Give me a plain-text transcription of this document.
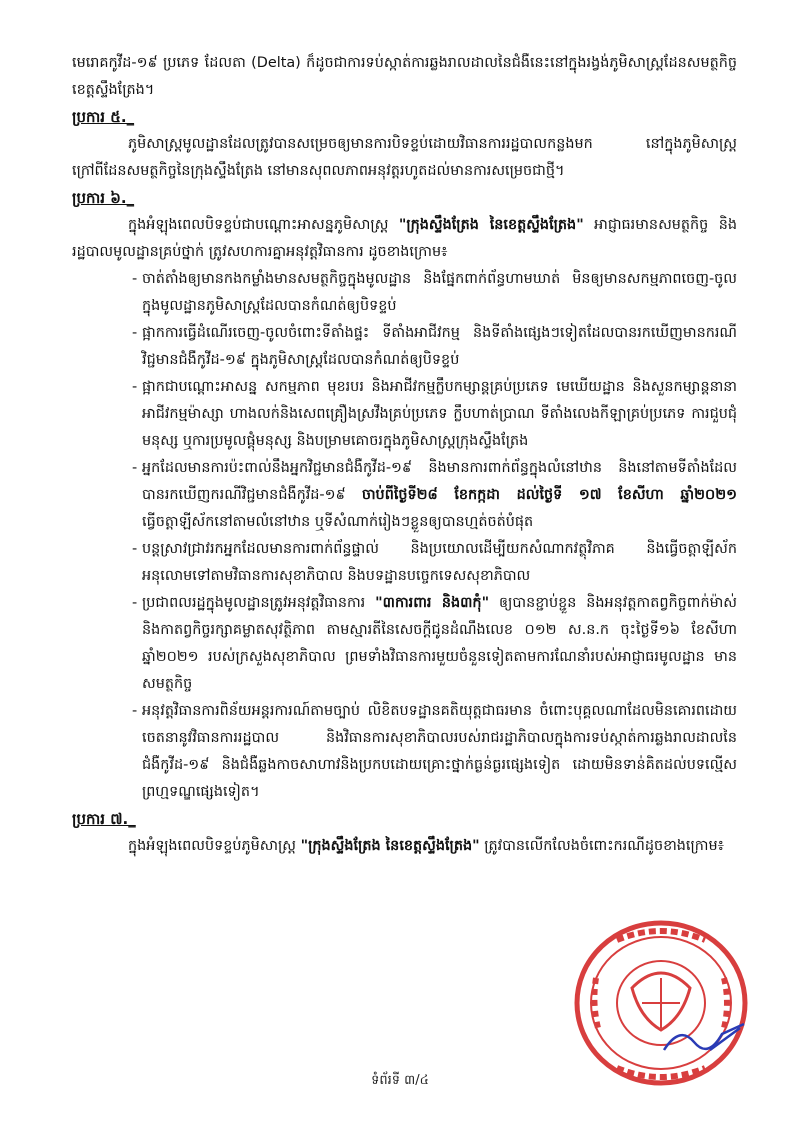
មេរោគកូវីដ-១៩ ប្រភេទ ដែលតា (Delta) ក៏ដូចជាការទប់ស្កាត់ការឆ្លងរាលដាលនៃជំងឺនេះនៅក្នុងរង្វង់ភូមិសាស្ត្រដែនសមត្ថកិច្ចខេត្តស្ទឹងត្រែង។

ប្រការ ៥._

ភូមិសាស្ត្រមូលដ្ឋានដែលត្រូវបានសម្រេចឲ្យមានការបិទខ្ទប់ដោយវិធានការរដ្ឋបាលកន្លងមក នៅក្នុងភូមិសាស្ត្រក្រៅពីដែនសមត្ថកិច្ចនៃក្រុងស្ទឹងត្រែង នៅមានសុពលភាពអនុវត្តរហូតដល់មានការសម្រេចជាថ្មី។

ប្រការ ៦._

ក្នុងអំឡុងពេលបិទខ្ទប់ជាបណ្ដោះអាសន្នភូមិសាស្ត្រ "ក្រុងស្ទឹងត្រែង នៃខេត្តស្ទឹងត្រែង" អាជ្ញាធរមានសមត្ថកិច្ច និងរដ្ឋបាលមូលដ្ឋានគ្រប់ថ្នាក់ ត្រូវសហការគ្នាអនុវត្តវិធានការ ដូចខាងក្រោម៖

- ចាត់តាំងឲ្យមានកងកម្លាំងមានសមត្ថកិច្ចក្នុងមូលដ្ឋាន និងផ្នែកពាក់ព័ន្ធហាមឃាត់ មិនឲ្យមានសកម្មភាពចេញ-ចូលក្នុងមូលដ្ឋានភូមិសាស្ត្រដែលបានកំណត់ឲ្យបិទខ្ទប់
- ផ្អាកការធ្វើដំណើរចេញ-ចូលចំពោះទីតាំងផ្ទះ ទីតាំងអាជីវកម្ម និងទីតាំងផ្សេងៗទៀតដែលបានរកឃើញមានករណីវិជ្ជមានជំងឺកូវីដ-១៩ ក្នុងភូមិសាស្ត្រដែលបានកំណត់ឲ្យបិទខ្ទប់
- ផ្អាកជាបណ្ដោះអាសន្ន សកម្មភាព មុខរបរ និងអាជីវកម្មក្លឹបកម្សាន្តគ្រប់ប្រភេទ មេឃើយដ្ឋាន និងសួនកម្សាន្តនានា អាជីវកម្មម៉ាស្សា ហាងលក់និងសេពគ្រឿងស្រវឹងគ្រប់ប្រភេទ ក្លឹបហាត់ប្រាណ ទីតាំងលេងកីឡាគ្រប់ប្រភេទ ការជួបជុំមនុស្ស ឬការប្រមូលផ្តុំមនុស្ស និងបម្រាមគោចរក្នុងភូមិសាស្ត្រក្រុងស្ទឹងត្រែង
- អ្នកដែលមានការប៉ះពាល់នឹងអ្នកវិជ្ជមានជំងឺកូវីដ-១៩ និងមានការពាក់ព័ន្ធក្នុងលំនៅឋាន និងនៅតាមទីតាំងដែលបានរកឃើញករណីវិជ្ជមានជំងឺកូវីដ-១៩ ចាប់ពីថ្ងៃទី២៨ ខែកក្កដា ដល់ថ្ងៃទី ១៧ ខែសីហា ឆ្នាំ២០២១ ធ្វើចត្តាឡីស័កនៅតាមលំនៅឋាន ឬទីសំណាក់រៀងៗខ្លួនឲ្យបានហ្មត់ចត់បំផុត
- បន្តស្រាវជ្រាវរកអ្នកដែលមានការពាក់ព័ន្ធផ្ទាល់ និងប្រយោលដើម្បីយកសំណាកវត្ថុវិភាគ និងធ្វើចត្តាឡីស័ក អនុលោមទៅតាមវិធានការសុខាភិបាល និងបទដ្ឋានបច្ចេកទេសសុខាភិបាល
- ប្រជាពលរដ្ឋក្នុងមូលដ្ឋានត្រូវអនុវត្តវិធានការ "៣ការពារ និង៣កុំ" ឲ្យបានខ្ជាប់ខ្ជួន និងអនុវត្តកាតព្វកិច្ចពាក់ម៉ាស់ និងកាតព្វកិច្ចរក្សាគម្លាតសុវត្ថិភាព តាមស្មារតីនៃសេចក្ដីជូនដំណឹងលេខ ០១២ ស.ន.ក ចុះថ្ងៃទី១៦ ខែសីហា ឆ្នាំ២០២១ របស់ក្រសួងសុខាភិបាល ព្រមទាំងវិធានការមួយចំនួនទៀតតាមការណែនាំរបស់អាជ្ញាធរមូលដ្ឋាន មានសមត្ថកិច្ច
- អនុវត្តវិធានការពិន័យអន្តរការណ៍តាមច្បាប់ លិខិតបទដ្ឋានគតិយុត្តជាធរមាន ចំពោះបុគ្គលណាដែលមិនគោរពដោយចេតនានូវវិធានការរដ្ឋបាល និងវិធានការសុខាភិបាលរបស់រាជរដ្ឋាភិបាលក្នុងការទប់ស្កាត់ការឆ្លងរាលដាលនៃជំងឺកូវីដ-១៩ និងជំងឺឆ្លងកាចសាហាវនិងប្រកបដោយគ្រោះថ្នាក់ធ្ងន់ធ្ងរផ្សេងទៀត ដោយមិនទាន់គិតដល់បទល្មើសព្រហ្មទណ្ឌផ្សេងទៀត។

ប្រការ ៧._

ក្នុងអំឡុងពេលបិទខ្ទប់ភូមិសាស្ត្រ "ក្រុងស្ទឹងត្រែង នៃខេត្តស្ទឹងត្រែង" ត្រូវបានលើកលែងចំពោះករណីដូចខាងក្រោម៖

ទំព័រទី ៣/៤
